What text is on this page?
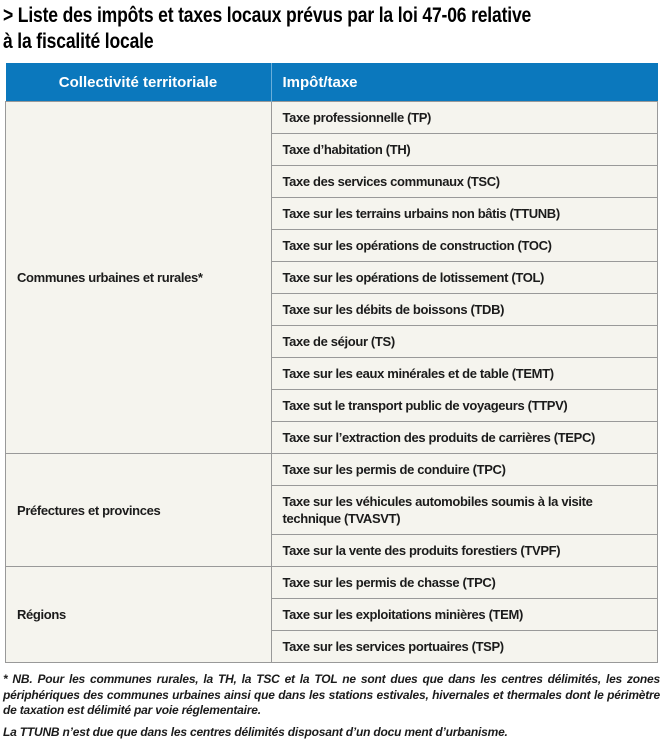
> Liste des impôts et taxes locaux prévus par la loi 47-06 relative
à la fiscalité locale
Collectivité territoriale	Impôt/taxe
Communes urbaines et rurales*	Taxe professionnelle (TP)
	Taxe d’habitation (TH)
	Taxe des services communaux (TSC)
	Taxe sur les terrains urbains non bâtis (TTUNB)
	Taxe sur les opérations de construction (TOC)
	Taxe sur les opérations de lotissement (TOL)
	Taxe sur les débits de boissons (TDB)
	Taxe de séjour (TS)
	Taxe sur les eaux minérales et de table (TEMT)
	Taxe sut le transport public de voyageurs (TTPV)
	Taxe sur l’extraction des produits de carrières (TEPC)
Préfectures et provinces	Taxe sur les permis de conduire (TPC)
	Taxe sur les véhicules automobiles soumis à la visite technique (TVASVT)
	Taxe sur la vente des produits forestiers (TVPF)
Régions	Taxe sur les permis de chasse (TPC)
	Taxe sur les exploitations minières (TEM)
	Taxe sur les services portuaires (TSP)

* NB. Pour les communes rurales, la TH, la TSC et la TOL ne sont dues que dans les centres délimités, les zones périphériques des communes urbaines ainsi que dans les stations estivales, hivernales et thermales dont le périmètre de taxation est délimité par voie réglementaire.

La TTUNB n’est due que dans les centres délimités disposant d’un docu ment d’urbanisme.
